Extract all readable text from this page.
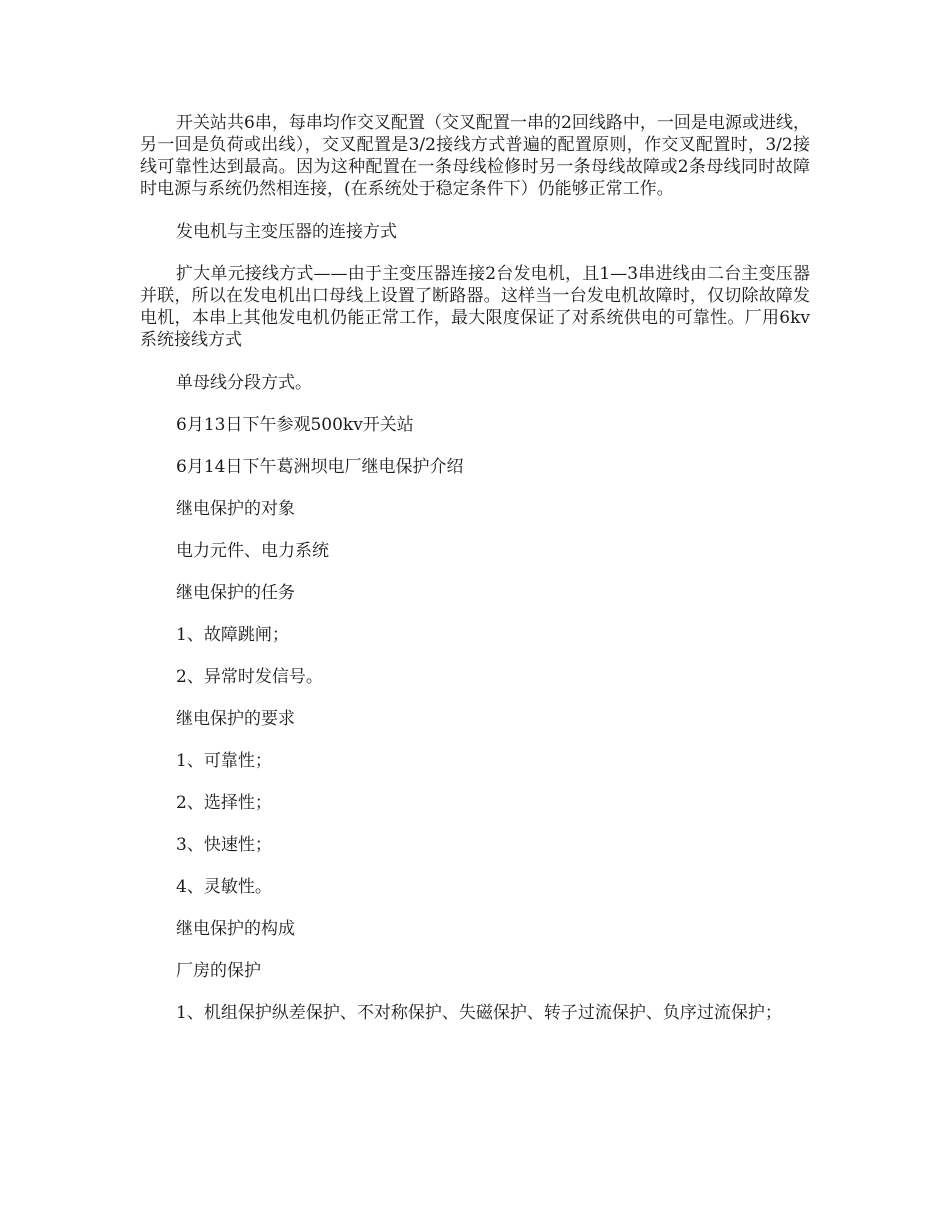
开关站共6串，每串均作交叉配置（交叉配置一串的2回线路中，一回是电源或进线，另一回是负荷或出线），交叉配置是3/2接线方式普遍的配置原则，作交叉配置时，3/2接线可靠性达到最高。因为这种配置在一条母线检修时另一条母线故障或2条母线同时故障时电源与系统仍然相连接，(在系统处于稳定条件下）仍能够正常工作。

发电机与主变压器的连接方式

扩大单元接线方式——由于主变压器连接2台发电机，且1—3串进线由二台主变压器并联，所以在发电机出口母线上设置了断路器。这样当一台发电机故障时，仅切除故障发电机，本串上其他发电机仍能正常工作，最大限度保证了对系统供电的可靠性。厂用6kv系统接线方式

单母线分段方式。

6月13日下午参观500kv开关站

6月14日下午葛洲坝电厂继电保护介绍

继电保护的对象

电力元件、电力系统

继电保护的任务

1、故障跳闸；

2、异常时发信号。

继电保护的要求

1、可靠性；

2、选择性；

3、快速性；

4、灵敏性。

继电保护的构成

厂房的保护

1、机组保护纵差保护、不对称保护、失磁保护、转子过流保护、负序过流保护；
